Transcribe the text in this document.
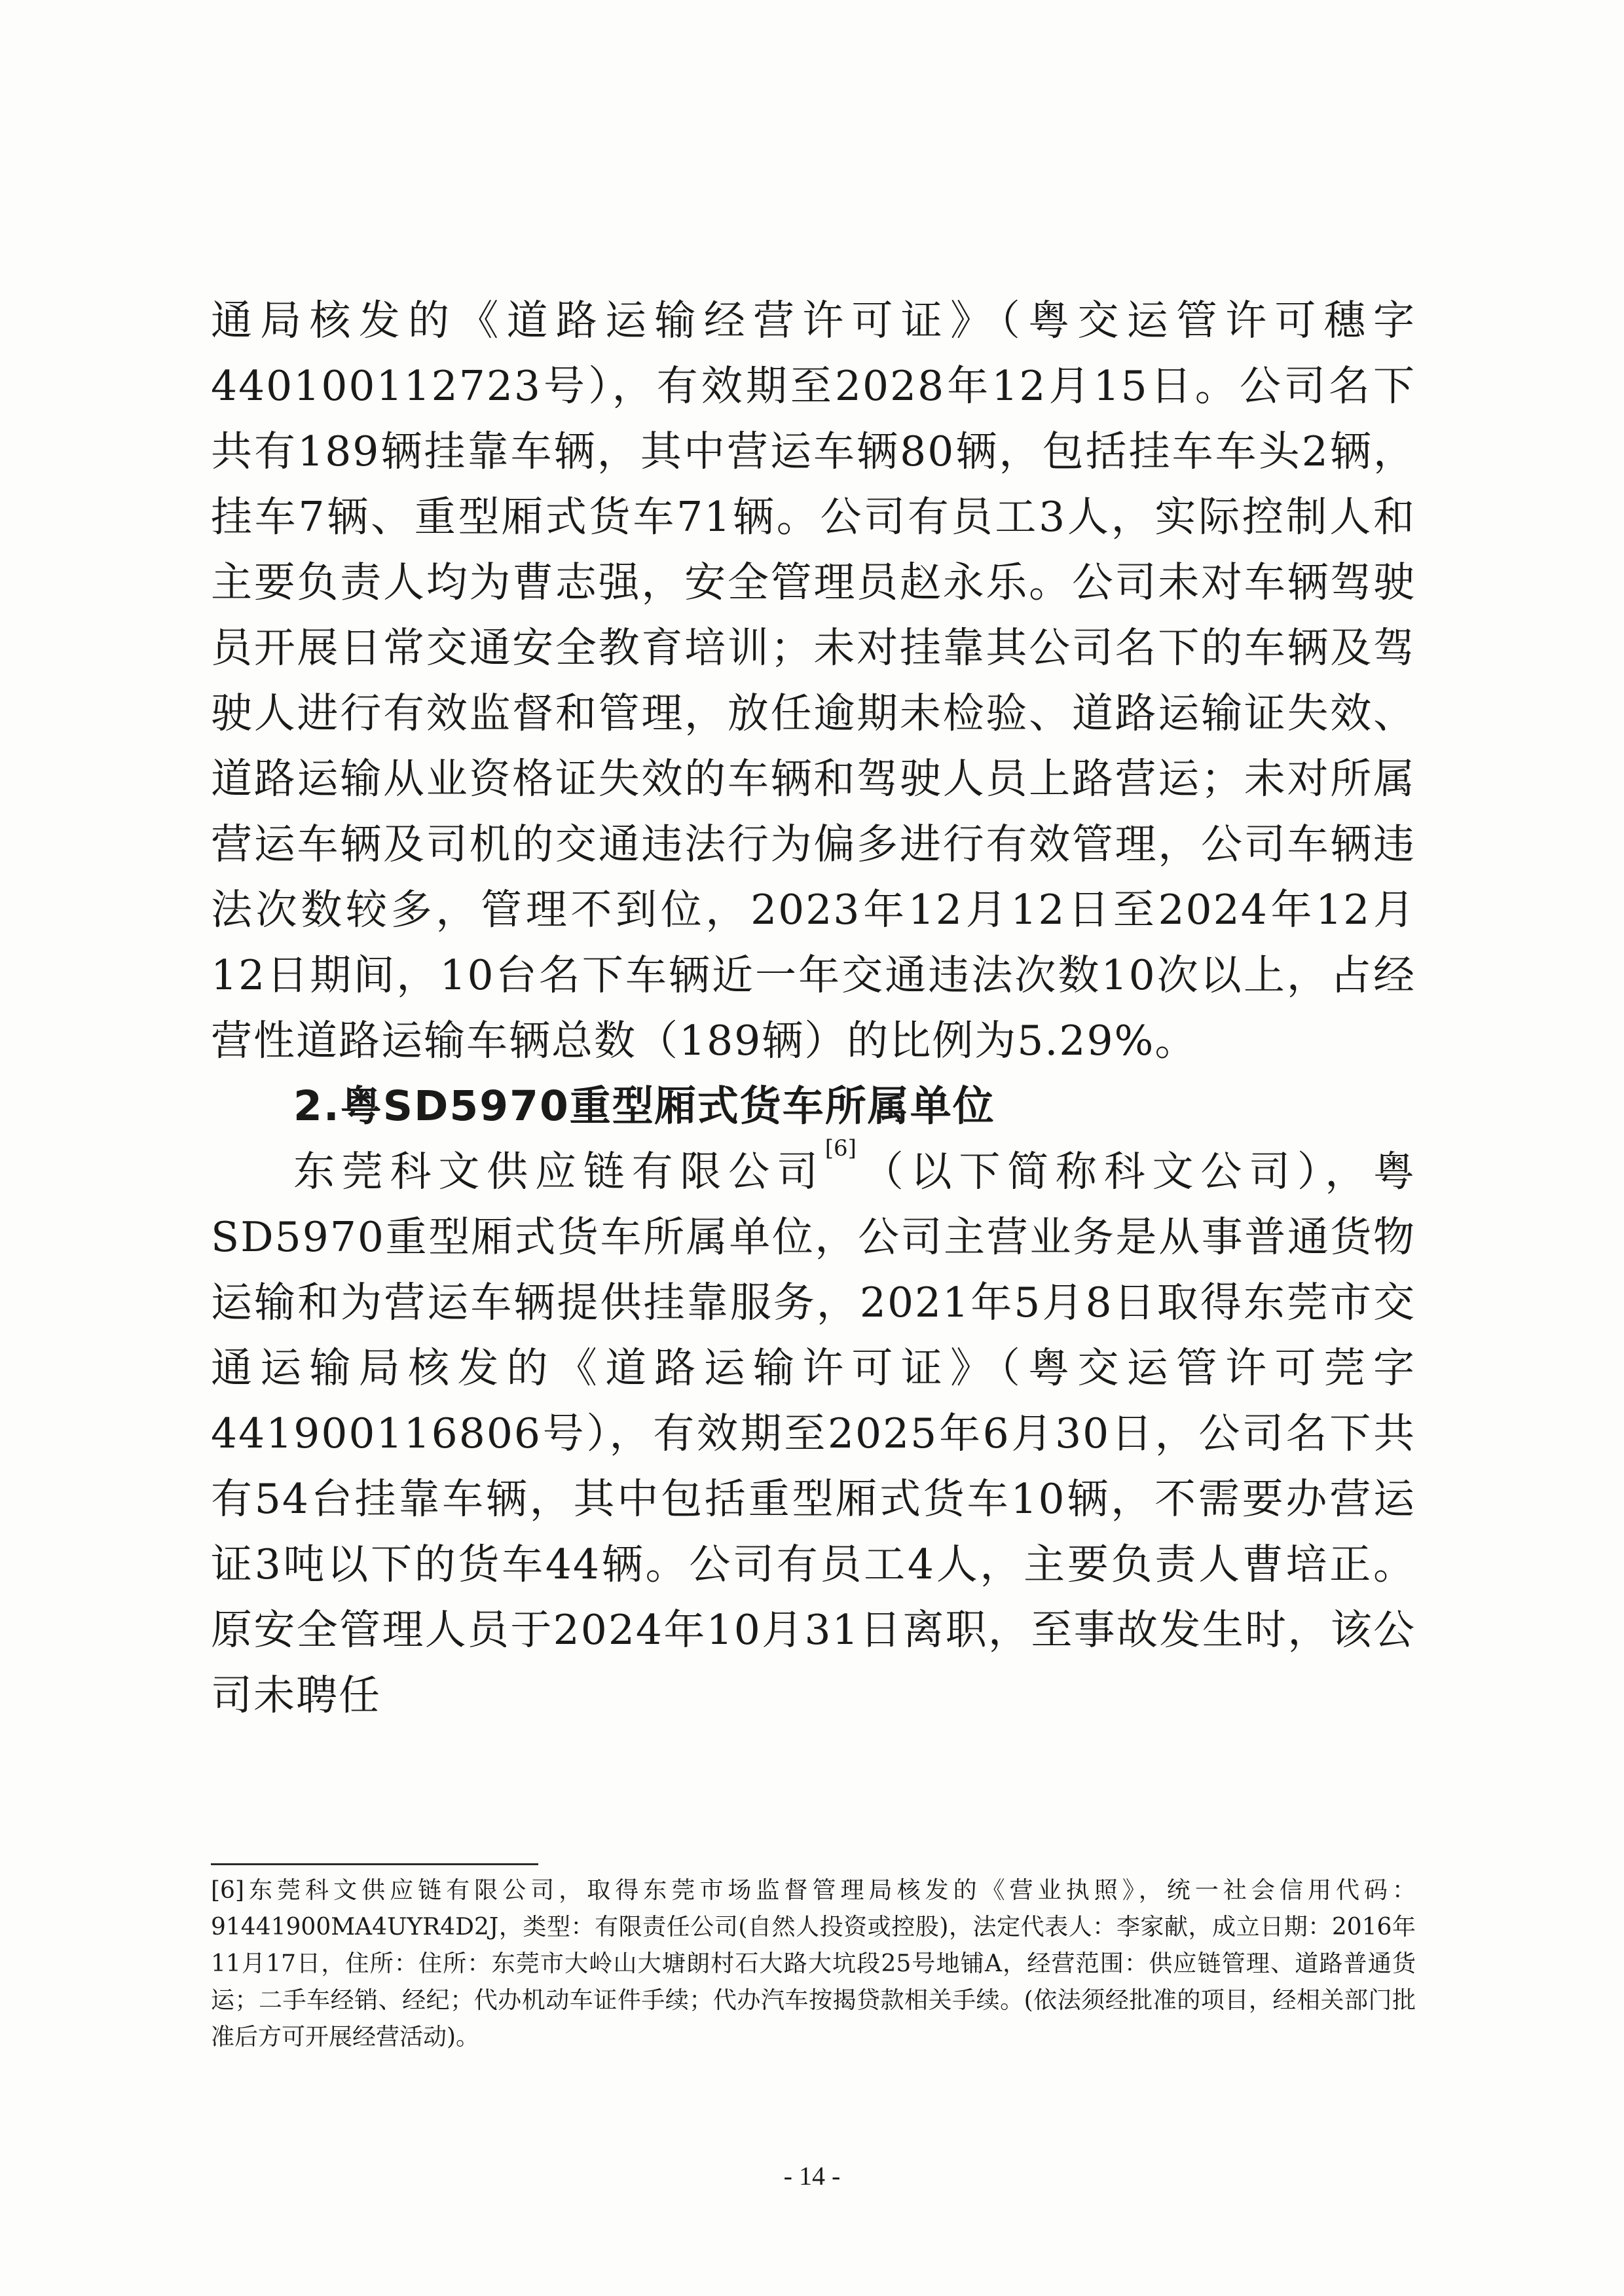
通局核发的《道路运输经营许可证》（粤交运管许可穗字440100112723号），有效期至2028年12月15日。公司名下共有189辆挂靠车辆，其中营运车辆80辆，包括挂车车头2辆，挂车7辆、重型厢式货车71辆。公司有员工3人，实际控制人和主要负责人均为曹志强，安全管理员赵永乐。公司未对车辆驾驶员开展日常交通安全教育培训；未对挂靠其公司名下的车辆及驾驶人进行有效监督和管理，放任逾期未检验、道路运输证失效、道路运输从业资格证失效的车辆和驾驶人员上路营运；未对所属营运车辆及司机的交通违法行为偏多进行有效管理，公司车辆违法次数较多，管理不到位，2023年12月12日至2024年12月12日期间，10台名下车辆近一年交通违法次数10次以上，占经营性道路运输车辆总数（189辆）的比例为5.29%。

2.粤SD5970重型厢式货车所属单位

东莞科文供应链有限公司[6]（以下简称科文公司），粤SD5970重型厢式货车所属单位，公司主营业务是从事普通货物运输和为营运车辆提供挂靠服务，2021年5月8日取得东莞市交通运输局核发的《道路运输许可证》（粤交运管许可莞字441900116806号），有效期至2025年6月30日，公司名下共有54台挂靠车辆，其中包括重型厢式货车10辆，不需要办营运证3吨以下的货车44辆。公司有员工4人，主要负责人曹培正。原安全管理人员于2024年10月31日离职，至事故发生时，该公司未聘任

[6]东莞科文供应链有限公司，取得东莞市场监督管理局核发的《营业执照》，统一社会信用代码：91441900MA4UYR4D2J，类型：有限责任公司(自然人投资或控股)，法定代表人：李家献，成立日期：2016年11月17日，住所：住所：东莞市大岭山大塘朗村石大路大坑段25号地铺A，经营范围：供应链管理、道路普通货运；二手车经销、经纪；代办机动车证件手续；代办汽车按揭贷款相关手续。(依法须经批准的项目，经相关部门批准后方可开展经营活动)。

- 14 -
